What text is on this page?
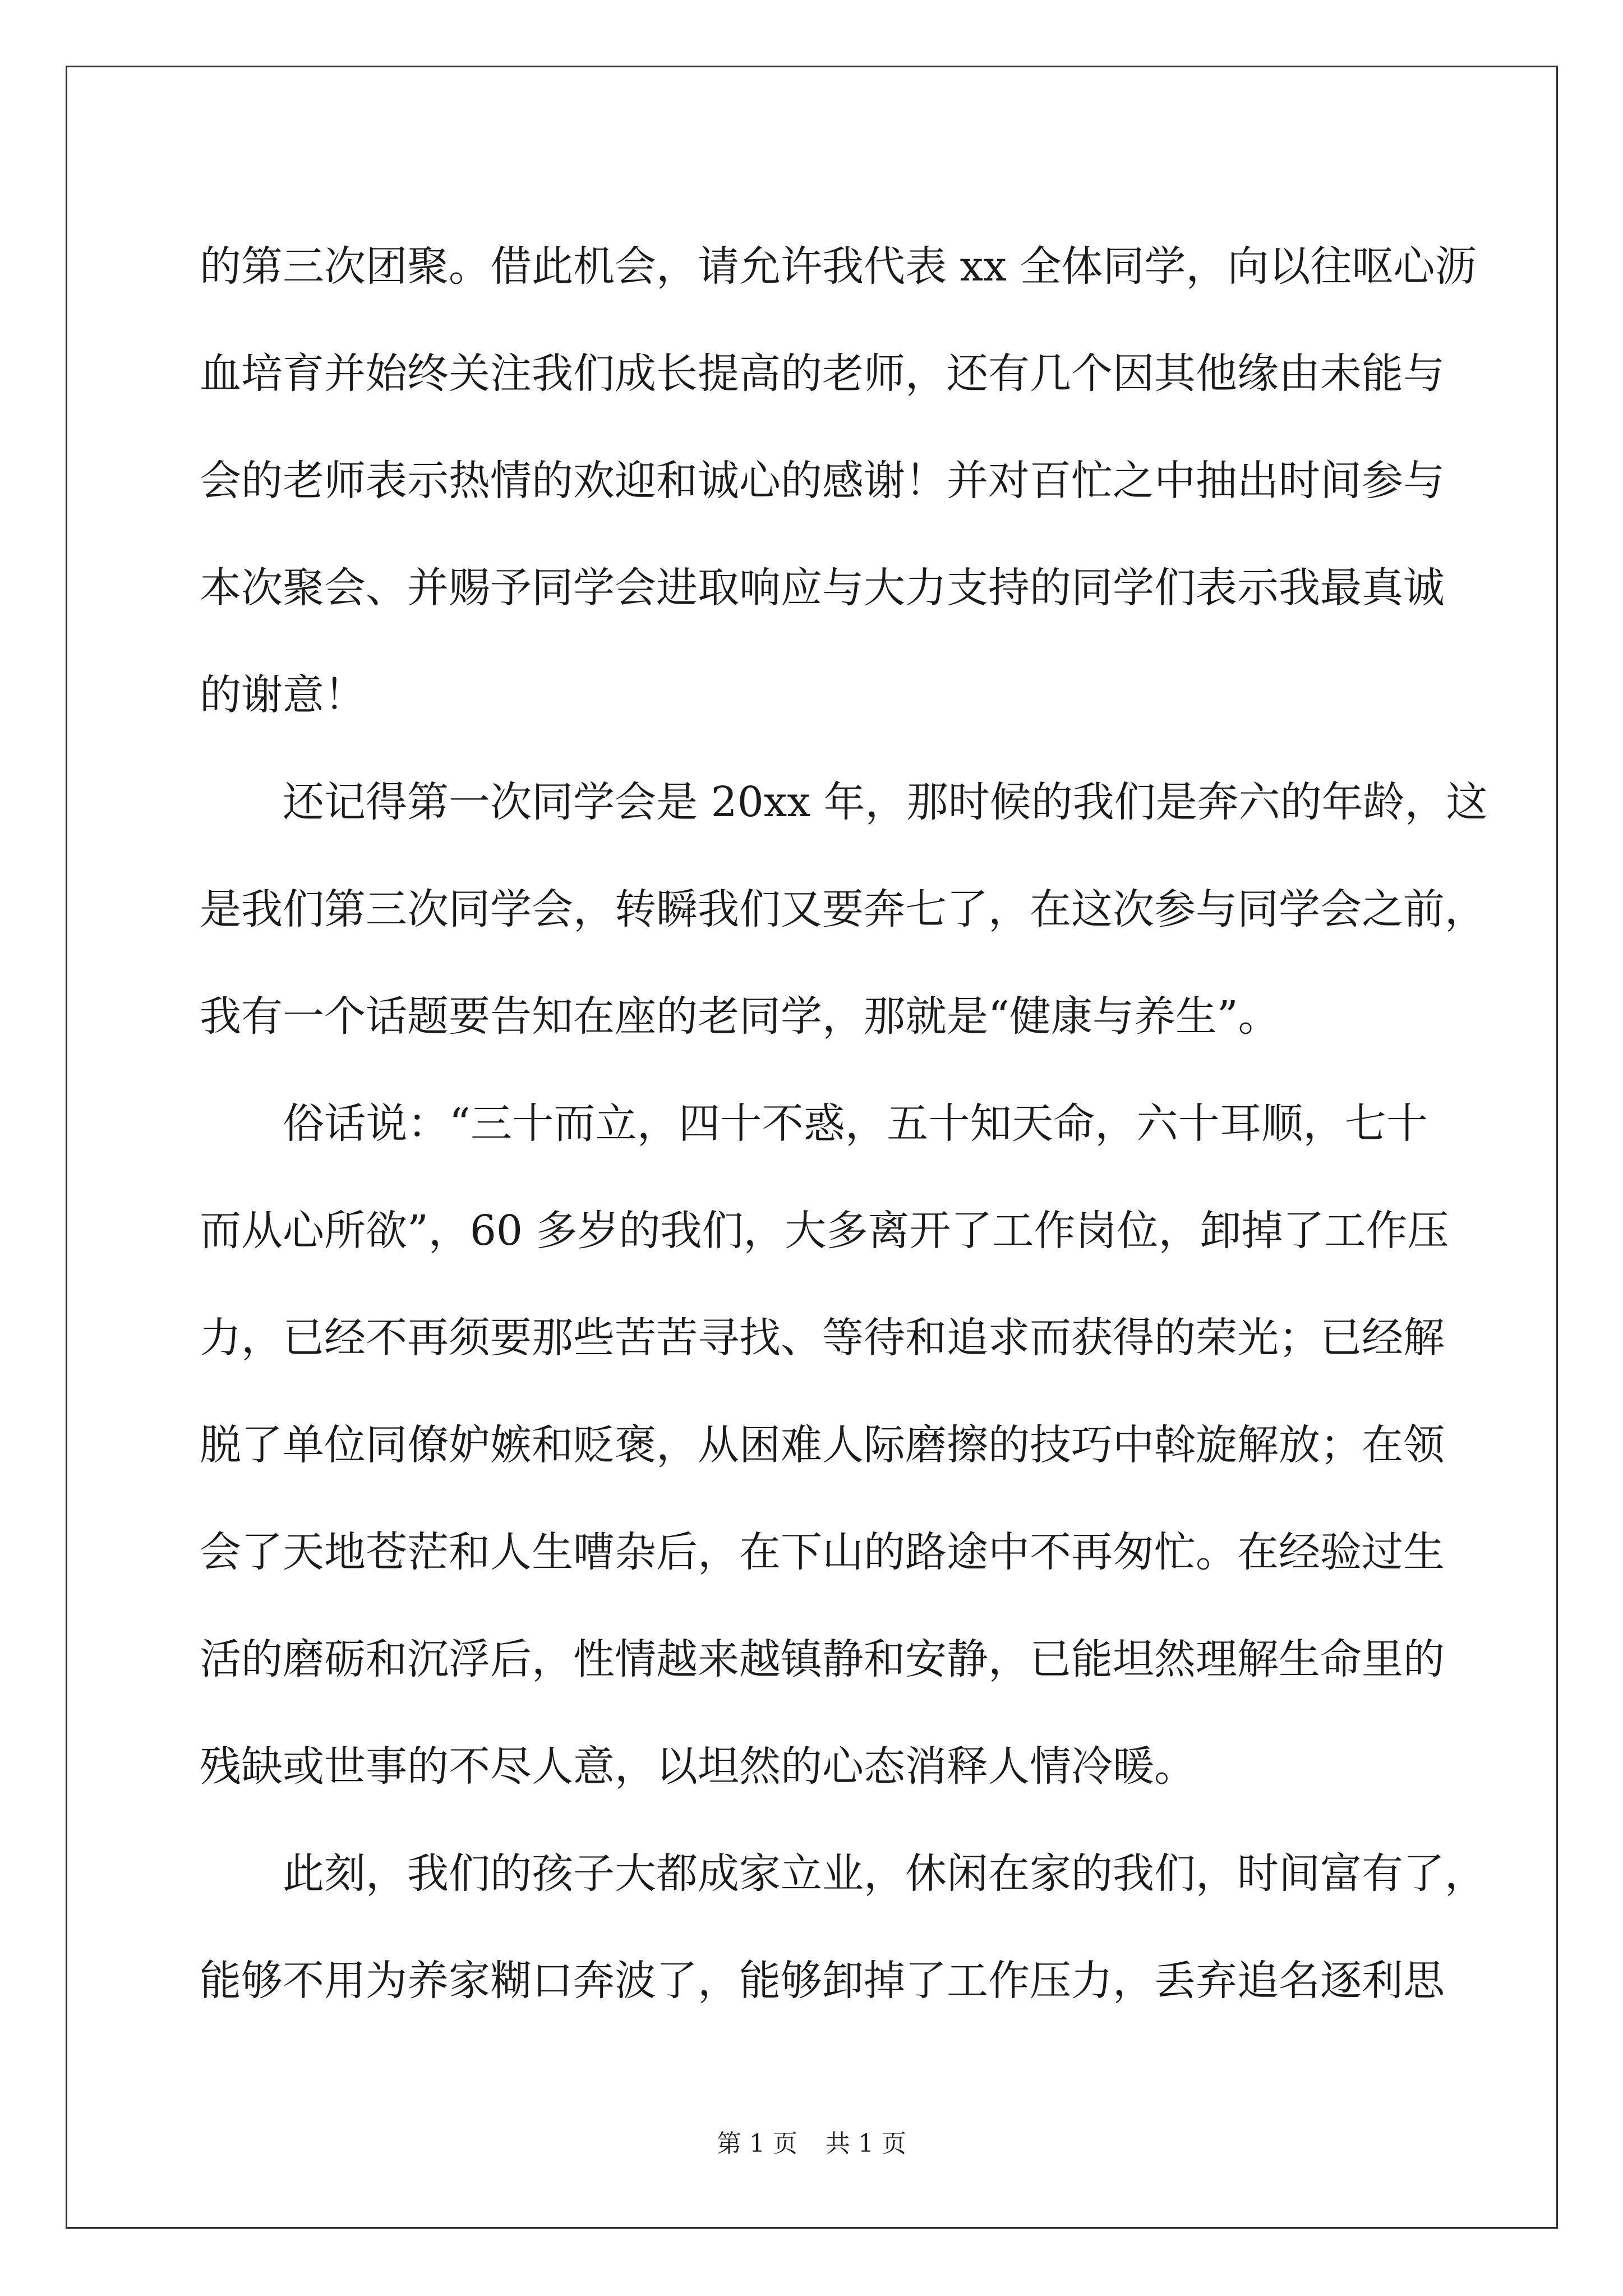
的第三次团聚。借此机会，请允许我代表 xx 全体同学，向以往呕心沥
血培育并始终关注我们成长提高的老师，还有几个因其他缘由未能与
会的老师表示热情的欢迎和诚心的感谢！并对百忙之中抽出时间参与
本次聚会、并赐予同学会进取响应与大力支持的同学们表示我最真诚
的谢意！
还记得第一次同学会是 20xx 年，那时候的我们是奔六的年龄，这
是我们第三次同学会，转瞬我们又要奔七了，在这次参与同学会之前，
我有一个话题要告知在座的老同学，那就是“健康与养生”。
俗话说：“三十而立，四十不惑，五十知天命，六十耳顺，七十
而从心所欲”，60 多岁的我们，大多离开了工作岗位，卸掉了工作压
力，已经不再须要那些苦苦寻找、等待和追求而获得的荣光；已经解
脱了单位同僚妒嫉和贬褒，从困难人际磨擦的技巧中斡旋解放；在领
会了天地苍茫和人生嘈杂后，在下山的路途中不再匆忙。在经验过生
活的磨砺和沉浮后，性情越来越镇静和安静，已能坦然理解生命里的
残缺或世事的不尽人意，以坦然的心态消释人情冷暖。
此刻，我们的孩子大都成家立业，休闲在家的我们，时间富有了，
能够不用为养家糊口奔波了，能够卸掉了工作压力，丢弃追名逐利思
第 1 页 共 1 页
